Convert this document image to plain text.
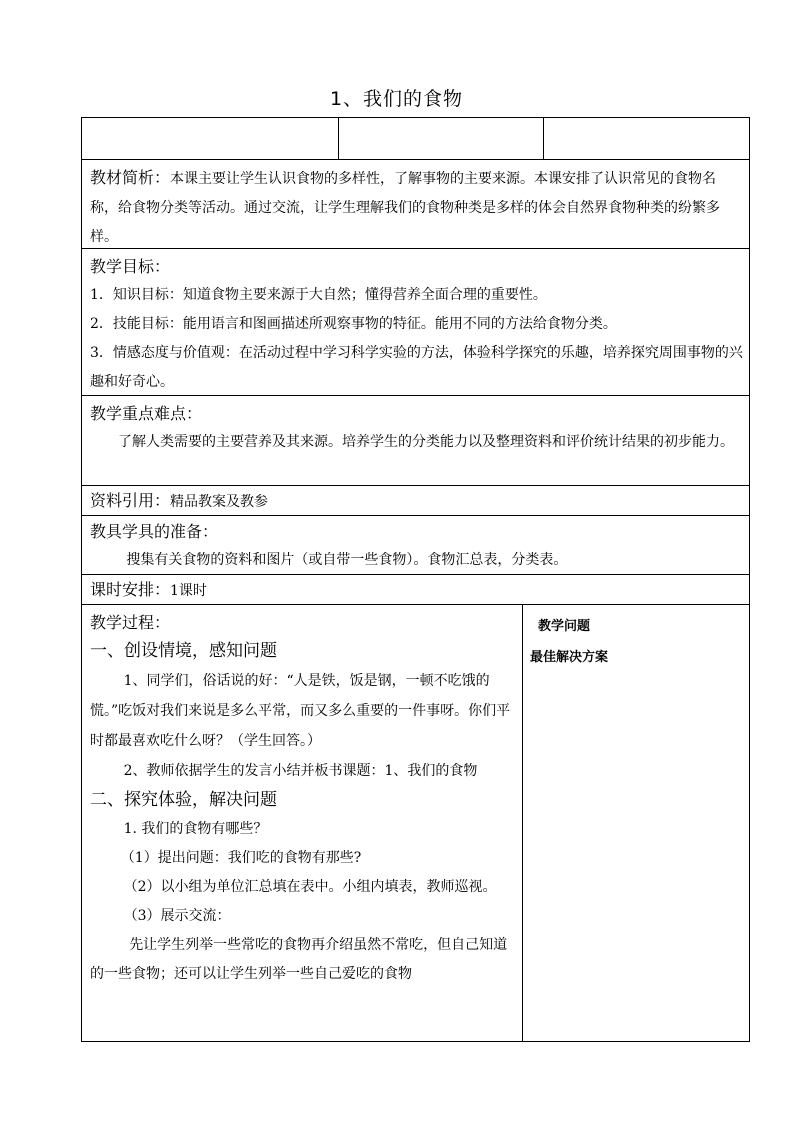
1、我们的食物

教材简析：本课主要让学生认识食物的多样性，了解事物的主要来源。本课安排了认识常见的食物名称，给食物分类等活动。通过交流，让学生理解我们的食物种类是多样的体会自然界食物种类的纷繁多样。

教学目标：

1．知识目标：知道食物主要来源于大自然；懂得营养全面合理的重要性。

2．技能目标：能用语言和图画描述所观察事物的特征。能用不同的方法给食物分类。

3．情感态度与价值观：在活动过程中学习科学实验的方法，体验科学探究的乐趣，培养探究周围事物的兴趣和好奇心。

教学重点难点：

了解人类需要的主要营养及其来源。培养学生的分类能力以及整理资料和评价统计结果的初步能力。

资料引用：精品教案及教参

教具学具的准备：

搜集有关食物的资料和图片（或自带一些食物）。食物汇总表，分类表。

课时安排：1课时

教学过程：

一、创设情境，感知问题

1、同学们，俗话说的好：“人是铁，饭是钢，一顿不吃饿的慌。”吃饭对我们来说是多么平常，而又多么重要的一件事呀。你们平时都最喜欢吃什么呀？（学生回答。）

2、教师依据学生的发言小结并板书课题：1、我们的食物

二、探究体验，解决问题

1. 我们的食物有哪些？

（1）提出问题：我们吃的食物有那些?

（2）以小组为单位汇总填在表中。小组内填表，教师巡视。

（3）展示交流：

先让学生列举一些常吃的食物再介绍虽然不常吃，但自己知道的一些食物；还可以让学生列举一些自己爱吃的食物

教学问题
最佳解决方案
